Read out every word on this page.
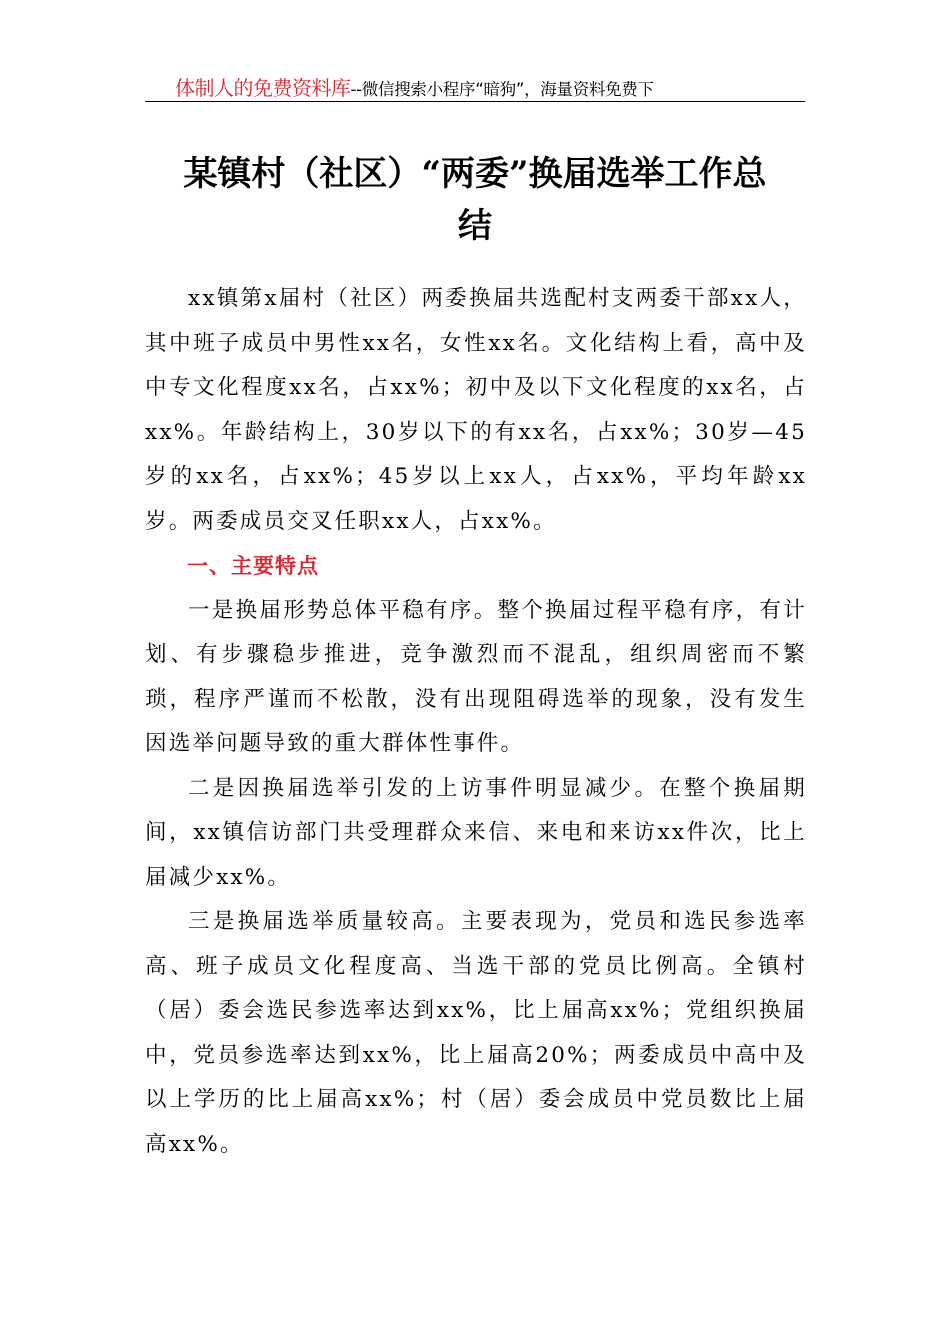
体制人的免费资料库--微信搜索小程序“暗狗”，海量资料免费下
某镇村（社区）“两委”换届选举工作总
结

xx镇第x届村（社区）两委换届共选配村支两委干部xx人，其中班子成员中男性xx名，女性xx名。文化结构上看，高中及中专文化程度xx名，占xx%；初中及以下文化程度的xx名，占xx%。年龄结构上，30岁以下的有xx名，占xx%；30岁—45岁的xx名，占xx%；45岁以上xx人，占xx%，平均年龄xx岁。两委成员交叉任职xx人，占xx%。

一、主要特点

一是换届形势总体平稳有序。整个换届过程平稳有序，有计划、有步骤稳步推进，竞争激烈而不混乱，组织周密而不繁琐，程序严谨而不松散，没有出现阻碍选举的现象，没有发生因选举问题导致的重大群体性事件。

二是因换届选举引发的上访事件明显减少。在整个换届期间，xx镇信访部门共受理群众来信、来电和来访xx件次，比上届减少xx%。

三是换届选举质量较高。主要表现为，党员和选民参选率高、班子成员文化程度高、当选干部的党员比例高。全镇村（居）委会选民参选率达到xx%，比上届高xx%；党组织换届中，党员参选率达到xx%，比上届高20%；两委成员中高中及以上学历的比上届高xx%；村（居）委会成员中党员数比上届高xx%。
